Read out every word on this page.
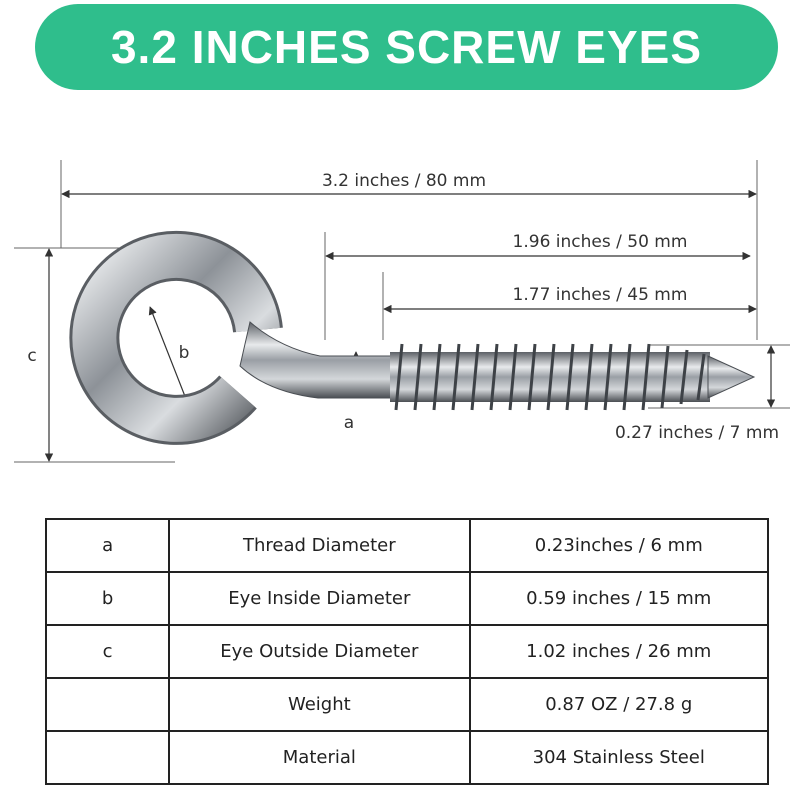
3.2 INCHES SCREW EYES
3.2 inches / 80 mm
1.96 inches / 50 mm
1.77 inches / 45 mm
0.27 inches / 7 mm
a
b
c
a	Thread Diameter	0.23inches / 6 mm
b	Eye Inside Diameter	0.59 inches / 15 mm
c	Eye Outside Diameter	1.02 inches / 26 mm
	Weight	0.87 OZ / 27.8 g
	Material	304 Stainless Steel
